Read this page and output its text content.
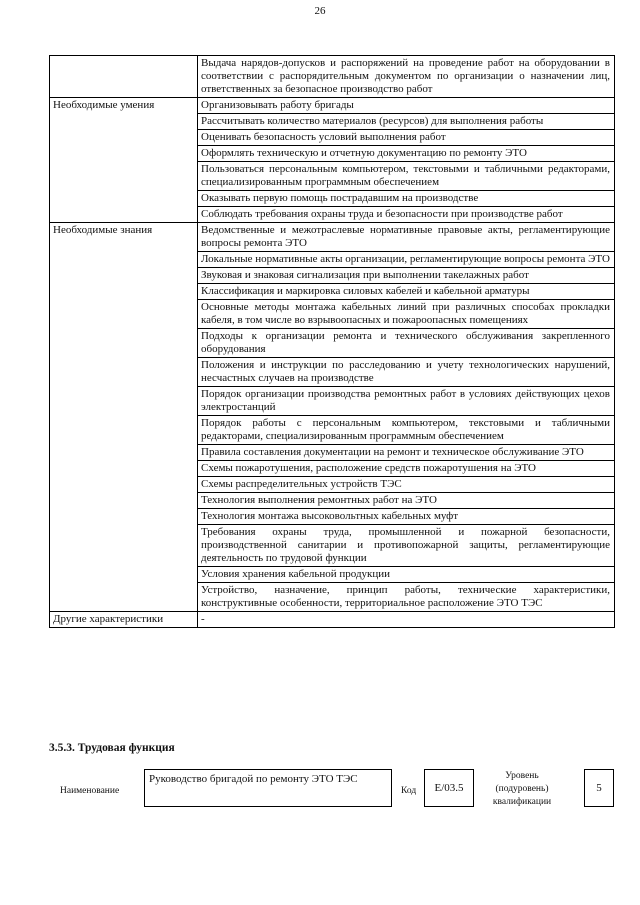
26
	Выдача нарядов-допусков и распоряжений на проведение работ на оборудовании в соответствии с распорядительным документом по организации о назначении лиц, ответственных за безопасное производство работ
Необходимые умения	Организовывать работу бригады
	Рассчитывать количество материалов (ресурсов) для выполнения работы
	Оценивать безопасность условий выполнения работ
	Оформлять техническую и отчетную документацию по ремонту ЭТО
	Пользоваться персональным компьютером, текстовыми и табличными редакторами, специализированным программным обеспечением
	Оказывать первую помощь пострадавшим на производстве
	Соблюдать требования охраны труда и безопасности при производстве работ
Необходимые знания	Ведомственные и межотраслевые нормативные правовые акты, регламентирующие вопросы ремонта ЭТО
	Локальные нормативные акты организации, регламентирующие вопросы ремонта ЭТО
	Звуковая и знаковая сигнализация при выполнении такелажных работ
	Классификация и маркировка силовых кабелей и кабельной арматуры
	Основные методы монтажа кабельных линий при различных способах прокладки кабеля, в том числе во взрывоопасных и пожароопасных помещениях
	Подходы к организации ремонта и технического обслуживания закрепленного оборудования
	Положения и инструкции по расследованию и учету технологических нарушений, несчастных случаев на производстве
	Порядок организации производства ремонтных работ в условиях действующих цехов электростанций
	Порядок работы с персональным компьютером, текстовыми и табличными редакторами, специализированным программным обеспечением
	Правила составления документации на ремонт и техническое обслуживание ЭТО
	Схемы пожаротушения, расположение средств пожаротушения на ЭТО
	Схемы распределительных устройств ТЭС
	Технология выполнения ремонтных работ на ЭТО
	Технология монтажа высоковольтных кабельных муфт
	Требования охраны труда, промышленной и пожарной безопасности, производственной санитарии и противопожарной защиты, регламентирующие деятельность по трудовой функции
	Условия хранения кабельной продукции
	Устройство, назначение, принцип работы, технические характеристики, конструктивные особенности, территориальное расположение ЭТО ТЭС
Другие характеристики	-
3.5.3. Трудовая функция
Наименование
Руководство бригадой по ремонту ЭТО ТЭС
Код	E/03.5
Уровень (подуровень) квалификации
5
